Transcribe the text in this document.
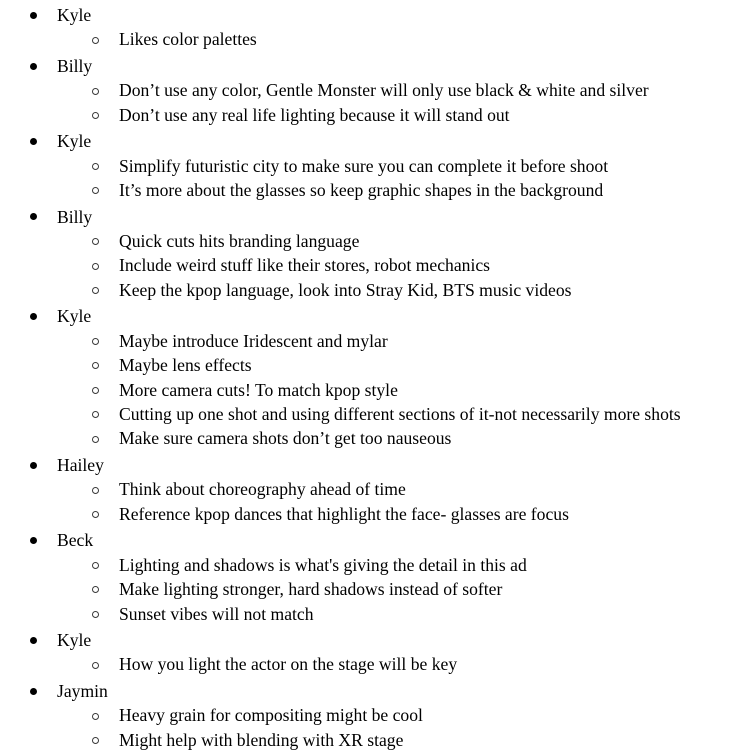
Kyle
Likes color palettes
Billy
Don’t use any color, Gentle Monster will only use black & white and silver
Don’t use any real life lighting because it will stand out
Kyle
Simplify futuristic city to make sure you can complete it before shoot
It’s more about the glasses so keep graphic shapes in the background
Billy
Quick cuts hits branding language
Include weird stuff like their stores, robot mechanics
Keep the kpop language, look into Stray Kid, BTS music videos
Kyle
Maybe introduce Iridescent and mylar
Maybe lens effects
More camera cuts! To match kpop style
Cutting up one shot and using different sections of it-not necessarily more shots
Make sure camera shots don’t get too nauseous
Hailey
Think about choreography ahead of time
Reference kpop dances that highlight the face- glasses are focus
Beck
Lighting and shadows is what's giving the detail in this ad
Make lighting stronger, hard shadows instead of softer
Sunset vibes will not match
Kyle
How you light the actor on the stage will be key
Jaymin
Heavy grain for compositing might be cool
Might help with blending with XR stage
